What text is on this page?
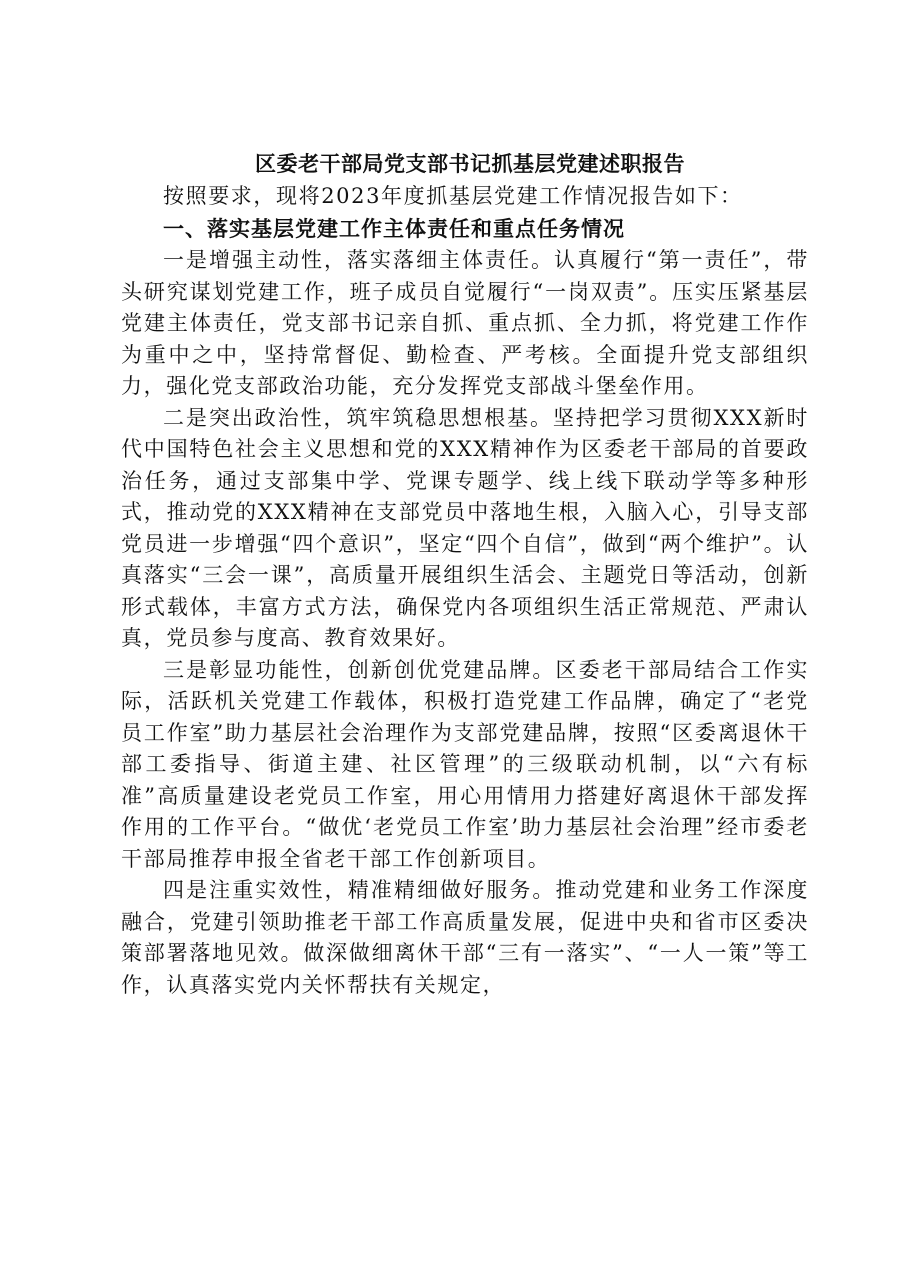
区委老干部局党支部书记抓基层党建述职报告

按照要求，现将2023年度抓基层党建工作情况报告如下：

一、落实基层党建工作主体责任和重点任务情况

一是增强主动性，落实落细主体责任。认真履行“第一责任”，带头研究谋划党建工作，班子成员自觉履行“一岗双责”。压实压紧基层党建主体责任，党支部书记亲自抓、重点抓、全力抓，将党建工作作为重中之中，坚持常督促、勤检查、严考核。全面提升党支部组织力，强化党支部政治功能，充分发挥党支部战斗堡垒作用。

二是突出政治性，筑牢筑稳思想根基。坚持把学习贯彻XXX新时代中国特色社会主义思想和党的XXX精神作为区委老干部局的首要政治任务，通过支部集中学、党课专题学、线上线下联动学等多种形式，推动党的XXX精神在支部党员中落地生根，入脑入心，引导支部党员进一步增强“四个意识”，坚定“四个自信”，做到“两个维护”。认真落实“三会一课”，高质量开展组织生活会、主题党日等活动，创新形式载体，丰富方式方法，确保党内各项组织生活正常规范、严肃认真，党员参与度高、教育效果好。

三是彰显功能性，创新创优党建品牌。区委老干部局结合工作实际，活跃机关党建工作载体，积极打造党建工作品牌，确定了“老党员工作室”助力基层社会治理作为支部党建品牌，按照“区委离退休干部工委指导、街道主建、社区管理”的三级联动机制，以“六有标准”高质量建设老党员工作室，用心用情用力搭建好离退休干部发挥作用的工作平台。“做优‘老党员工作室’助力基层社会治理”经市委老干部局推荐申报全省老干部工作创新项目。

四是注重实效性，精准精细做好服务。推动党建和业务工作深度融合，党建引领助推老干部工作高质量发展，促进中央和省市区委决策部署落地见效。做深做细离休干部“三有一落实”、“一人一策”等工作，认真落实党内关怀帮扶有关规定，
